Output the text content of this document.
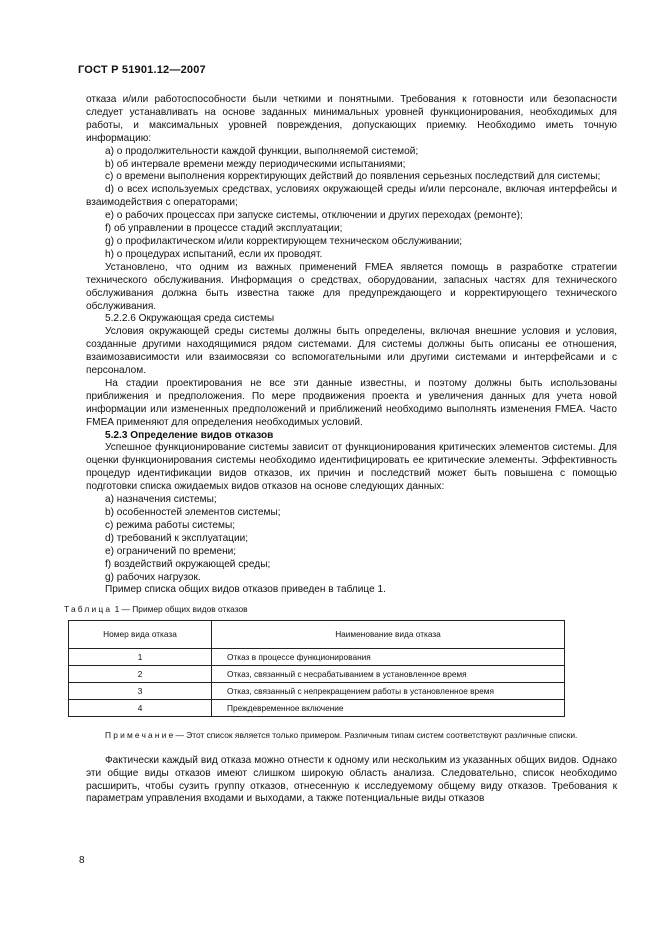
ГОСТ Р 51901.12—2007

отказа и/или работоспособности были четкими и понятными. Требования к готовности или безопасности следует устанавливать на основе заданных минимальных уровней функционирования, необходимых для работы, и максимальных уровней повреждения, допускающих приемку. Необходимо иметь точную информацию:

a) о продолжительности каждой функции, выполняемой системой;

b) об интервале времени между периодическими испытаниями;

c) о времени выполнения корректирующих действий до появления серьезных последствий для системы;

d) о всех используемых средствах, условиях окружающей среды и/или персонале, включая интерфейсы и взаимодействия с операторами;

e) о рабочих процессах при запуске системы, отключении и других переходах (ремонте);

f) об управлении в процессе стадий эксплуатации;

g) о профилактическом и/или корректирующем техническом обслуживании;

h) о процедурах испытаний, если их проводят.

Установлено, что одним из важных применений FMEA является помощь в разработке стратегии технического обслуживания. Информация о средствах, оборудовании, запасных частях для технического обслуживания должна быть известна также для предупреждающего и корректирующего технического обслуживания.

5.2.2.6 Окружающая среда системы

Условия окружающей среды системы должны быть определены, включая внешние условия и условия, созданные другими находящимися рядом системами. Для системы должны быть описаны ее отношения, взаимозависимости или взаимосвязи со вспомогательными или другими системами и интерфейсами и с персоналом.

На стадии проектирования не все эти данные известны, и поэтому должны быть использованы приближения и предположения. По мере продвижения проекта и увеличения данных для учета новой информации или измененных предположений и приближений необходимо выполнять изменения FMEA. Часто FMEA применяют для определения необходимых условий.

5.2.3 Определение видов отказов

Успешное функционирование системы зависит от функционирования критических элементов системы. Для оценки функционирования системы необходимо идентифицировать ее критические элементы. Эффективность процедур идентификации видов отказов, их причин и последствий может быть повышена с помощью подготовки списка ожидаемых видов отказов на основе следующих данных:

a) назначения системы;

b) особенностей элементов системы;

c) режима работы системы;

d) требований к эксплуатации;

e) ограничений по времени;

f) воздействий окружающей среды;

g) рабочих нагрузок.

Пример списка общих видов отказов приведен в таблице 1.

Таблица 1 — Пример общих видов отказов

Номер вида отказа	Наименование вида отказа
1	Отказ в процессе функционирования
2	Отказ, связанный с несрабатыванием в установленное время
3	Отказ, связанный с непрекращением работы в установленное время
4	Преждевременное включение

Примечание— Этот список является только примером. Различным типам систем соответствуют различные списки.

Фактически каждый вид отказа можно отнести к одному или нескольким из указанных общих видов. Однако эти общие виды отказов имеют слишком широкую область анализа. Следовательно, список необходимо расширить, чтобы сузить группу отказов, отнесенную к исследуемому общему виду отказов. Требования к параметрам управления входами и выходами, а также потенциальные виды отказов

8
